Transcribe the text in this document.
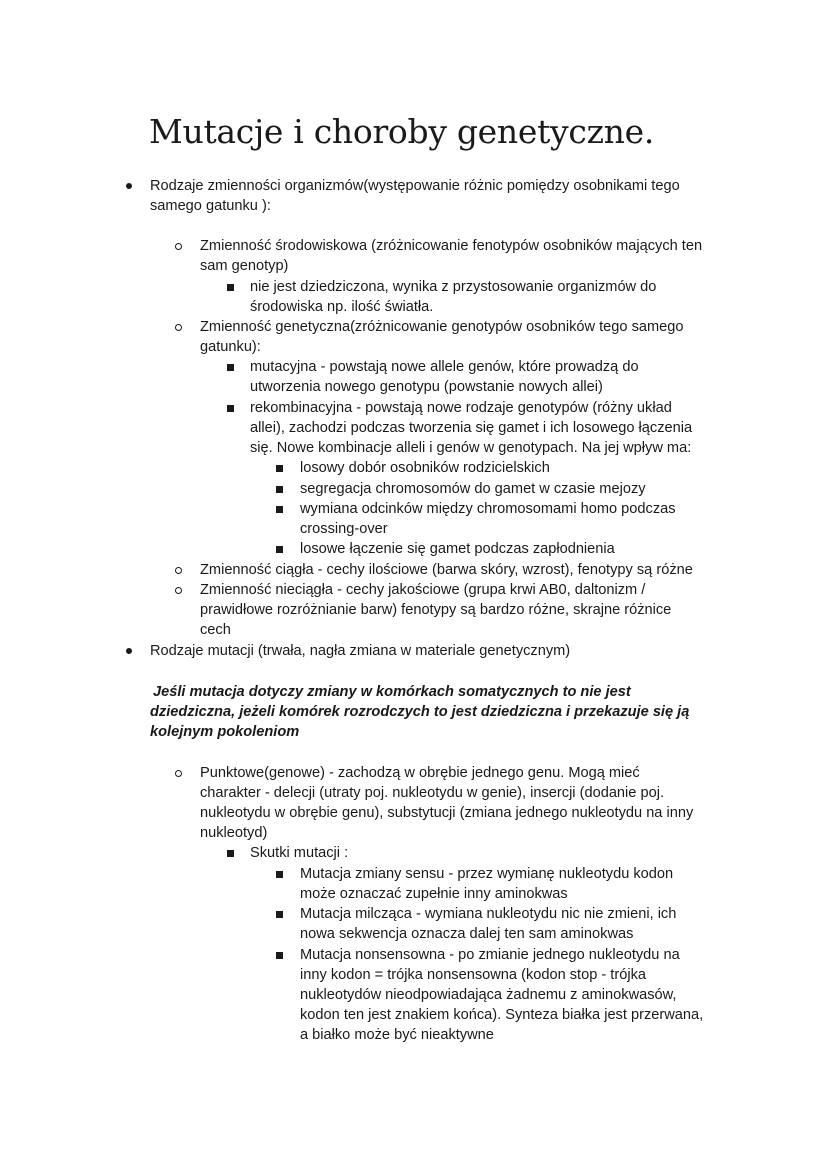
Mutacje i choroby genetyczne.

Rodzaje zmienności organizmów(występowanie różnic pomiędzy osobnikami tego

samego gatunku ):

Zmienność środowiskowa (zróżnicowanie fenotypów osobników mających ten

sam genotyp)

nie jest dziedziczona, wynika z przystosowanie organizmów do

środowiska np. ilość światła.

Zmienność genetyczna(zróżnicowanie genotypów osobników tego samego

gatunku):

mutacyjna - powstają nowe allele genów, które prowadzą do

utworzenia nowego genotypu (powstanie nowych allei)

rekombinacyjna - powstają nowe rodzaje genotypów (różny układ

allei), zachodzi podczas tworzenia się gamet i ich losowego łączenia

się. Nowe kombinacje alleli i genów w genotypach. Na jej wpływ ma:

losowy dobór osobników rodzicielskich

segregacja chromosomów do gamet w czasie mejozy

wymiana odcinków między chromosomami homo podczas

crossing-over

losowe łączenie się gamet podczas zapłodnienia

Zmienność ciągła - cechy ilościowe (barwa skóry, wzrost), fenotypy są różne

Zmienność nieciągła - cechy jakościowe (grupa krwi AB0, daltonizm /

prawidłowe rozróżnianie barw) fenotypy są bardzo różne, skrajne różnice

cech

Rodzaje mutacji (trwała, nagła zmiana w materiale genetycznym)

Jeśli mutacja dotyczy zmiany w komórkach somatycznych to nie jest

dziedziczna, jeżeli komórek rozrodczych to jest dziedziczna i przekazuje się ją

kolejnym pokoleniom

Punktowe(genowe) - zachodzą w obrębie jednego genu. Mogą mieć

charakter - delecji (utraty poj. nukleotydu w genie), insercji (dodanie poj.

nukleotydu w obrębie genu), substytucji (zmiana jednego nukleotydu na inny

nukleotyd)

Skutki mutacji :

Mutacja zmiany sensu - przez wymianę nukleotydu kodon

może oznaczać zupełnie inny aminokwas

Mutacja milcząca - wymiana nukleotydu nic nie zmieni, ich

nowa sekwencja oznacza dalej ten sam aminokwas

Mutacja nonsensowna - po zmianie jednego nukleotydu na

inny kodon = trójka nonsensowna (kodon stop - trójka

nukleotydów nieodpowiadająca żadnemu z aminokwasów,

kodon ten jest znakiem końca). Synteza białka jest przerwana,

a białko może być nieaktywne
